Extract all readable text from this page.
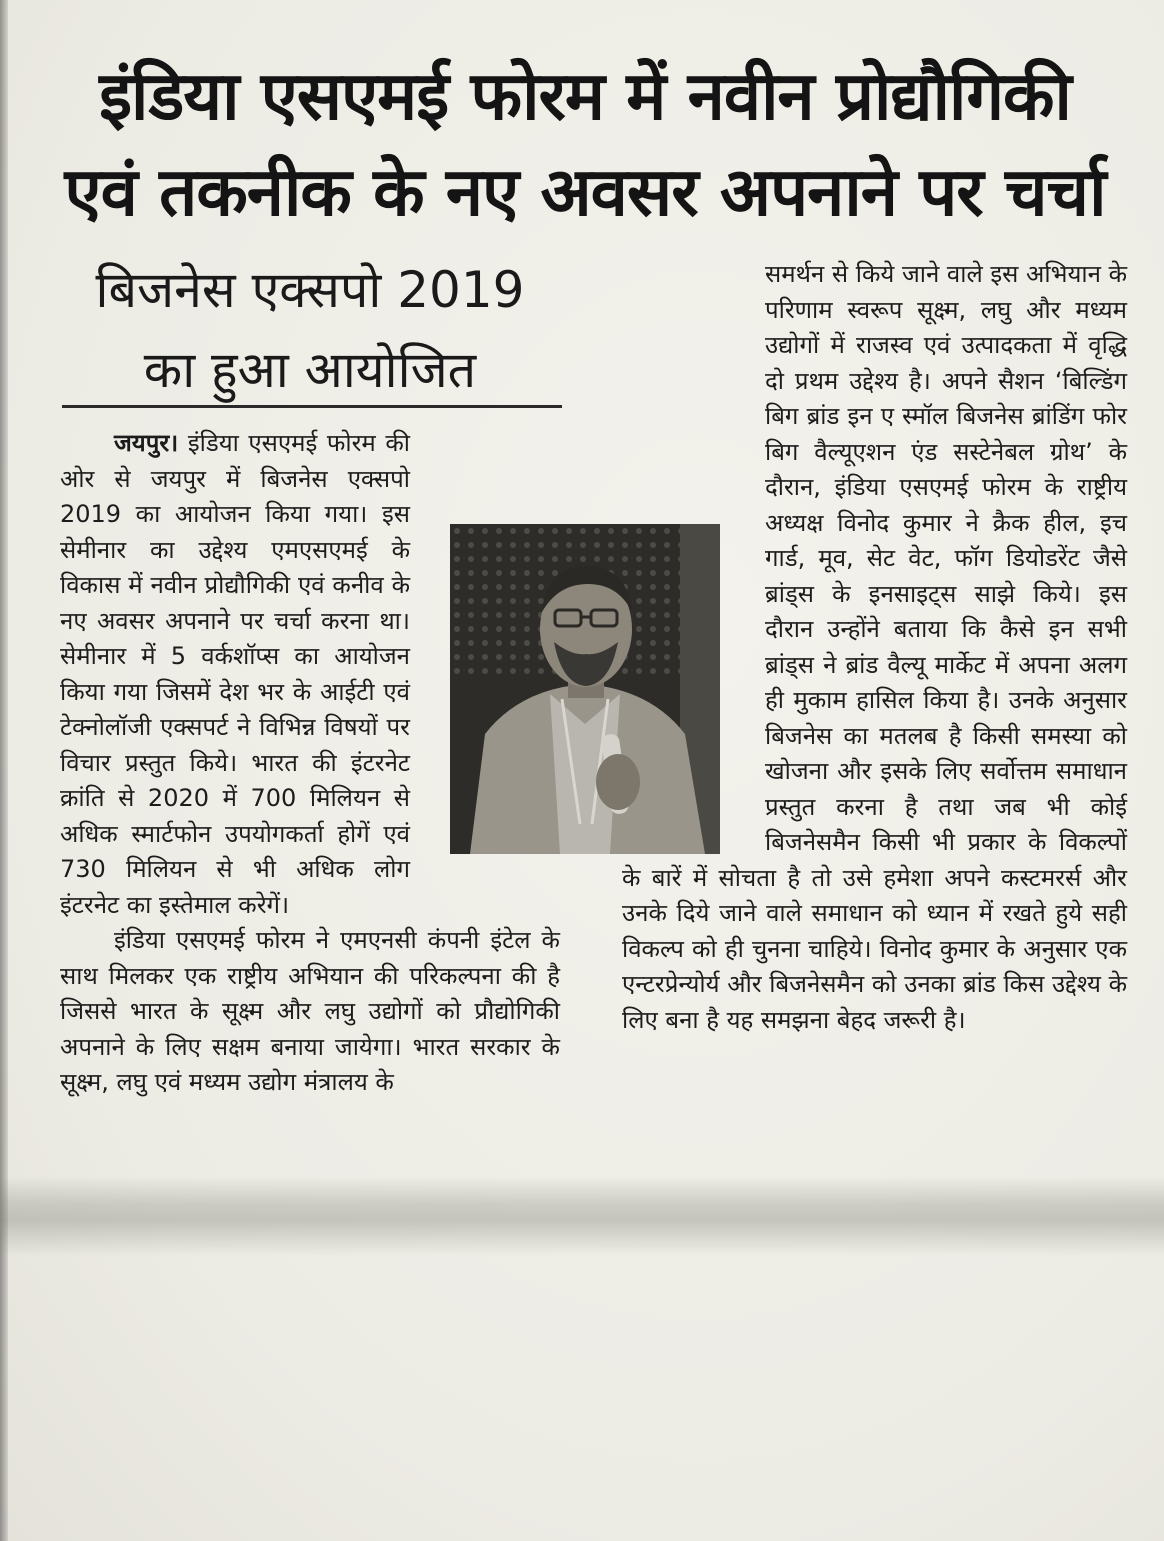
इंडिया एसएमई फोरम में नवीन प्रोद्यौगिकी
एवं तकनीक के नए अवसर अपनाने पर चर्चा
बिजनेस एक्सपो 2019
का हुआ आयोजित

जयपुर। इंडिया एसएमई फोरम की ओर से जयपुर में बिजनेस एक्सपो 2019 का आयोजन किया गया। इस सेमीनार का उद्देश्य एमएसएमई के विकास में नवीन प्रोद्यौगिकी एवं कनीव के नए अवसर अपनाने पर चर्चा करना था। सेमीनार में 5 वर्कशॉप्स का आयोजन किया गया जिसमें देश भर के आईटी एवं टेक्नोलॉजी एक्सपर्ट ने विभिन्न विषयों पर विचार प्रस्तुत किये। भारत की इंटरनेट क्रांति से 2020 में 700 मिलियन से अधिक स्मार्टफोन उपयोगकर्ता होगें एवं 730 मिलियन से भी अधिक लोग इंटरनेट का इस्तेमाल करेगें।

इंडिया एसएमई फोरम ने एमएनसी कंपनी इंटेल के साथ मिलकर एक राष्ट्रीय अभियान की परिकल्पना की है जिससे भारत के सूक्ष्म और लघु उद्योगों को प्रौद्योगिकी अपनाने के लिए सक्षम बनाया जायेगा। भारत सरकार के सूक्ष्म, लघु एवं मध्यम उद्योग मंत्रालय के

समर्थन से किये जाने वाले इस अभियान के परिणाम स्वरूप सूक्ष्म, लघु और मध्यम उद्योगों में राजस्व एवं उत्पादकता में वृद्धि दो प्रथम उद्देश्य है। अपने सैशन ‘बिल्डिंग बिग ब्रांड इन ए स्मॉल बिजनेस ब्रांडिंग फोर बिग वैल्यूएशन एंड सस्टेनेबल ग्रोथ’ के दौरान, इंडिया एसएमई फोरम के राष्ट्रीय अध्यक्ष विनोद कुमार ने क्रैक हील, इच गार्ड, मूव, सेट वेट, फॉग डियोडरेंट जैसे ब्रांड्स के इनसाइट्स साझे किये। इस दौरान उन्होंने बताया कि कैसे इन सभी ब्रांड्स ने ब्रांड वैल्यू मार्केट में अपना अलग ही मुकाम हासिल किया है। उनके अनुसार बिजनेस का मतलब है किसी समस्या को खोजना और इसके लिए सर्वोत्तम समाधान प्रस्तुत करना है तथा जब भी कोई बिजनेसमैन किसी भी प्रकार के विकल्पों के बारें में सोचता है तो उसे हमेशा अपने कस्टमरर्स और उनके दिये जाने वाले समाधान को ध्यान में रखते हुये सही विकल्प को ही चुनना चाहिये। विनोद कुमार के अनुसार एक एन्टरप्रेन्योर्य और बिजनेसमैन को उनका ब्रांड किस उद्देश्य के लिए बना है यह समझना बेहद जरूरी है।
